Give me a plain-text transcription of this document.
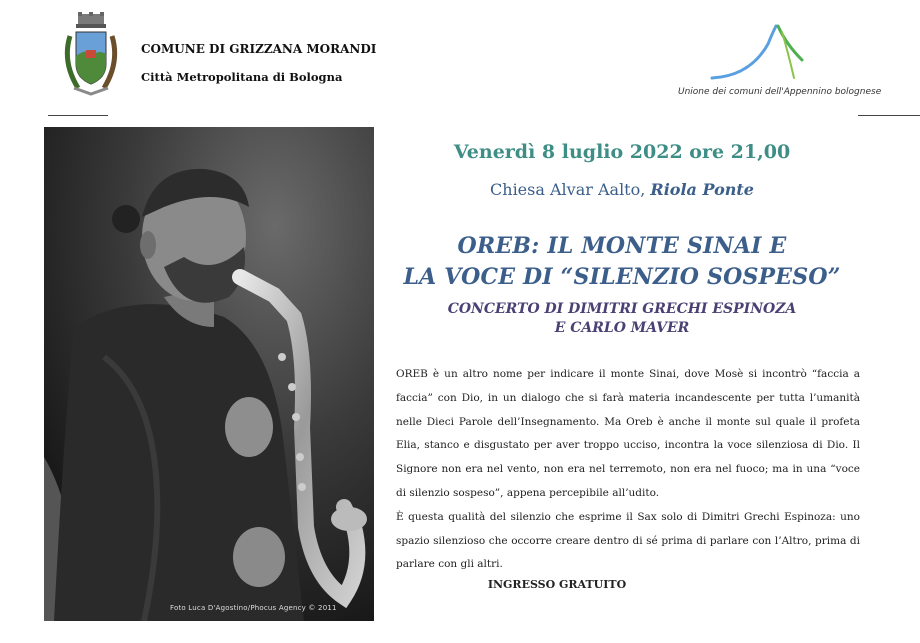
COMUNE DI GRIZZANA MORANDI
Città Metropolitana di Bologna
Unione dei comuni dell'Appennino bolognese
Foto Luca D'Agostino/Phocus Agency © 2011
Venerdì 8 luglio 2022 ore 21,00
Chiesa Alvar Aalto, Riola Ponte
OREB: IL MONTE SINAI E
LA VOCE DI “SILENZIO SOSPESO”
CONCERTO DI DIMITRI GRECHI ESPINOZA
E CARLO MAVER

OREB è un altro nome per indicare il monte Sinai, dove Mosè si incontrò “faccia a faccia” con Dio, in un dialogo che si farà materia incandescente per tutta l’umanità nelle Dieci Parole dell’Insegnamento. Ma Oreb è anche il monte sul quale il profeta Elia, stanco e disgustato per aver troppo ucciso, incontra la voce silenziosa di Dio. Il Signore non era nel vento, non era nel terremoto, non era nel fuoco; ma in una “voce di silenzio sospeso”, appena percepibile all’udito.

È questa qualità del silenzio che esprime il Sax solo di Dimitri Grechi Espinoza: uno spazio silenzioso che occorre creare dentro di sé prima di parlare con l’Altro, prima di parlare con gli altri.

INGRESSO GRATUITO
